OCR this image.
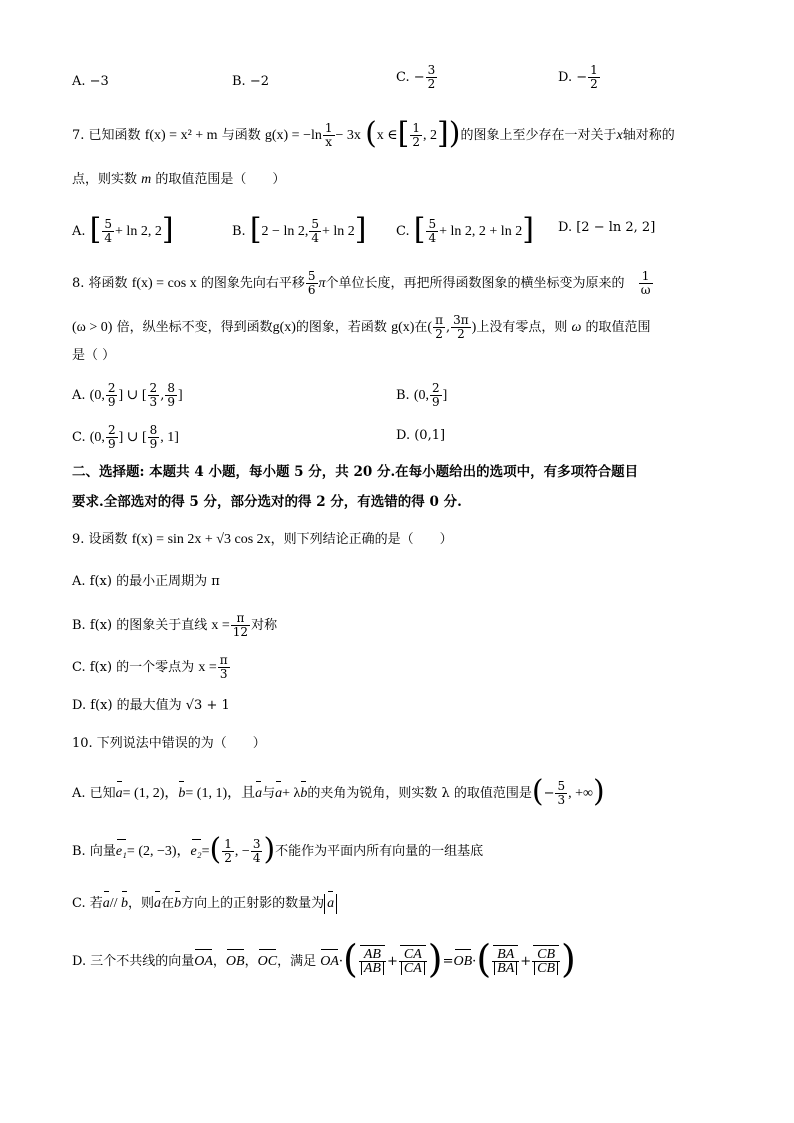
A. −3	B. −2	C. − $\frac{3}{2}$	D. − $\frac{1}{2}$
7. 已知函数 f(x) = x² + m 与函数 $g(x) = -\ln \frac{1}{x} - 3x$ (x ∈[ $\frac{1}{2}$ , 2])的图象上至少存在一对关于x轴对称的
点，则实数 m 的取值范围是（　　）
A. [ $\frac{5}{4} + \ln 2$, 2]	B. [2 − ln 2, $\frac{5}{4} + \ln 2$] C. [ $\frac{5}{4} + \ln 2$, 2 + ln 2] D. [2 − ln 2, 2]
8. 将函数 f(x) = cos x 的图象先向右平移 $\frac{5}{6}$ π个单位长度，再把所得函数图象的横坐标变为原来的 $\frac{1}{\omega}$
(ω > 0) 倍，纵坐标不变，得到函数g(x)的图象，若函数 g(x)在( $\frac{\pi}{2}$ , $\frac{3\pi}{2}$ )上没有零点，则 ω 的取值范围
是（ ）
A. (0, $\frac{2}{9}$ ] ∪ [ $\frac{2}{3}$ , $\frac{8}{9}$ ]	B. (0, $\frac{2}{9}$ ]
C. (0, $\frac{2}{9}$ ] ∪ [ $\frac{8}{9}$ , 1]	D. (0,1]
二、选择题: 本题共 4 小题，每小题 5 分，共 20 分.在每小题给出的选项中，有多项符合题目
要求.全部选对的得 5 分，部分选对的得 2 分，有选错的得 0 分.
9. 设函数 f(x) = sin 2x + √3 cos 2x，则下列结论正确的是（　　）
A. f(x) 的最小正周期为 π
B. f(x) 的图象关于直线 $x = \frac{\pi}{12}$ 对称
C. f(x) 的一个零点为 $x = \frac{\pi}{3}$
D. f(x) 的最大值为 √3 + 1
10. 下列说法中错误的为（　　）
A. 已知a= (1, 2)，b= (1, 1)，且a与a+ λb的夹角为锐角，则实数 λ 的取值范围是(− $\frac{5}{3}$ , +∞)
B. 向量e₁= (2, −3)，$e_2=( \frac{1}{2}$ , − $\frac{3}{4}$ )不能作为平面内所有向量的一组基底
C. 若a// b，则a在b方向上的正射影的数量为 a
D. 三个不共线的向量OA，OB，OC，满足 $OA\cdot( \frac{AB}{AB} + \frac{CA}{CA} )=OB\cdot( \frac{BA}{BA} + \frac{CB}{CB}$ )
